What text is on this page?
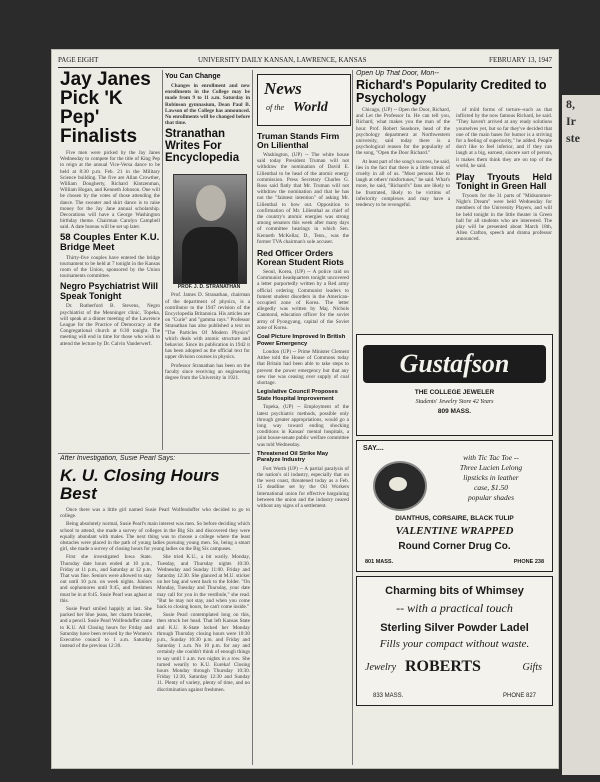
PAGE EIGHT	UNIVERSITY DAILY KANSAN, LAWRENCE, KANSAS	FEBRUARY 13, 1947
Jay Janes Pick 'K Pep' Finalists

Five men were picked by the Jay Janes Wednesday to compete for the title of King Pep to reign at the annual Vice-Versa dance to be held at 8:30 p.m. Feb. 21 in the Military Science building. The five are Allan Crowther, William Dougherty, Richard Kintzenman, William Hogan, and Kenneth Johnson. One will be chosen by the votes of those attending the dance. The sweater and skirt dance is to raise money for the Jay Jane annual scholarship. Decorations will have a George Washington birthday theme. Chairman Carolyn Campbell said. A date bureau will be set up later.

58 Couples Enter K.U. Bridge Meet

Thirty-five couples have entered the bridge tournament to be held at 7 tonight in the Kansas room of the Union, sponsored by the Union tournaments committee.

Negro Psychiatrist Will Speak Tonight

Dr. Rutherford B. Stevens, Negro psychiatrist of the Menninger clinic, Topeka, will speak at a dinner meeting of the Lawrence League for the Practice of Democracy at the Congregational church at 6:30 tonight. The meeting will end in time for those who wish to attend the lecture by Dr. Calvin Vanderwerf.

You Can Change

Changes in enrollment and new enrollments in the College may be made from 9 to 11 a.m. Saturday in Robinson gymnasium, Dean Paul B. Lawson of the College has announced. No enrollments will be changed before that time.

Stranathan Writes For Encyclopedia

Prof. James D. Stranathan, chairman of the department of physics, is a contributor to the 1947 revision of the Encyclopedia Britannica. His articles are on "Curie" and "gamma rays." Professor Stranathan has also published a text on "The Particles Of Modern Physics" which deals with atomic structure and behavior. Since its publication in 1942 it has been adopted as the official text for upper division courses in physics.

Professor Stranathan has been on the faculty since receiving an engineering degree from the University in 1921.

PROF. J. D. STRANATHAN
After Investigation, Susie Pearl Says:
K. U. Closing Hours Best

Once there was a little girl named Susie Pearl Wolfendoffer who decided to go to college.

Being absolutely normal, Susie Pearl's main interest was men. So before deciding which school to attend, she made a survey of colleges in the Big Six and discovered they were equally abundant with males. The next thing was to choose a college where the least obstacles were placed in the path of young ladies pursuing young men. So, being a smart girl, she made a survey of closing hours for young ladies on the Big Six campuses.

First she investigated Iowa State. Thursday date hours ended at 10 p.m., Friday at 11 p.m., and Saturday at 12 p.m. That was fine. Seniors were allowed to stay out until 10 p.m. on week nights. Juniors and sophomores until 9:45, and freshmen must be in at 8:45. Susie Pearl was aghast at this.

Susie Pearl smiled happily at last. She packed her blue jeans, her charm bracelet, and a pencil. Susie Pearl Wolfendoffer came to K.U. All Closing hours for Friday and Saturday have been revised by the Women's Executive council to 1 a.m. Saturday instead of the previous 12:30.

She tried K.U., a bit warily. Monday, Tuesday, and Thursday nights 10:30. Wednesday and Sunday 11:00. Friday and Saturday 12:30. She glanced at M.U. sticker on her bag and went back to the folder. "On Monday, Tuesday and Thursday, your date may call for you in the vestibule," she read. "But he may not stay, and when you come back to closing hours, he can't come inside."

Susie Pearl contemplated long on this, then struck her head. That left Kansas State and K.U. K-State locked her Monday through Thursday closing hours were 10:30 p.m., Sunday 10:30 p.m. and Friday and Saturday 1 a.m. No 10 p.m. for any and certainly she couldn't think of enough things to say until 1 a.m. two nights in a row. She turned wearily to K.U. Eureka! Closing hours Monday through Thursday 10:30. Friday 12:30, Saturday 12:30 and Sunday 11. Plenty of variety, plenty of time, and no discrimination against freshmen.

News
of the World
Truman Stands Firm On Lilienthal

Washington, (UP) -- The white house said today President Truman will not withdraw the nomination of David E. Lilienthal to be head of the atomic energy commission. Press Secretary Charles G. Ross said flatly that Mr. Truman will not withdraw the nomination and that he has not the "faintest intention" of asking Mr. Lilienthal to bow out. Opposition to confirmation of Mr. Lilienthal as chief of the country's atomic energies was strong among senators this week after many days of committee hearings in which Sen. Kenneth McKellar, D., Tenn., was the former TVA chairman's sole accuser.

Red Officer Orders Korean Student Riots

Seoul, Korea, (UP) -- A police raid on Communist headquarters tonight uncovered a letter purportedly written by a Red army official ordering Communist leaders to foment student disorders in the American-occupied zone of Korea. The letter allegedly was written by Maj. Nichols Canmond, education officer for the soviet army of Pyongyang, capital of the Soviet zone of Korea.

Coal Picture Improved In British Power Emergency

London (UP) -- Prime Minister Clement Attlee told the House of Commons today that Britain had been able to take steps to prevent the power emergency but that any new rise was ceasing over supply of coal shortage.

Legislative Council Proposes State Hospital Improvement

Topeka, (UP) -- Employment of the latest psychiatric methods, possible only through greater appropriations, would go a long way toward ending shocking conditions in Kansas' mental hospitals, a joint house-senate public welfare committee was told Wednesday.

Threatened Oil Strike May Paralyze Industry

Fort Worth (UP) -- A partial paralysis of the nation's oil industry, especially that on the west coast, threatened today as a Feb. 15 deadline set by the Oil Workers International union for effective bargaining between the union and the industry neared without any signs of a settlement.

Open Up That Door, Mon--
Richard's Popularity Credited to Psychology

Chicago, (UP) -- Open the Door, Richard, and Let the Professor In. He can tell you, Richard, what makes you the man of the hour. Prof. Robert Seashore, head of the psychology department at Northwestern university, said today there is a psychological reason for the popularity of the song, "Open the Door Richard."

At least part of the song's success, he said, lies in the fact that there is a little streak of cruelty in all of us. "Most persons like to laugh at others' misfortunes," he said. What's more, he said, "Richard's" fans are likely to be frustrated, likely to be victims of inferiority complexes and may have a tendency to be revengeful.

of mild forms of torture--such as that inflicted by the now famous Richard, he said. "They haven't arrived at any ready solutions yourselves yet, but so far they've decided that one of the main bases for humor is a striving for a feeling of superiority," he added. People don't like to feel inferior, and if they can laugh at a big, earnest, sincere sort of person, it makes them think they are on top of the world, he said.

Play Tryouts Held Tonight in Green Hall

Tryouts for the 31 parts of "Midsummer-Night's Dream" were held Wednesday for members of the University Players, and will be held tonight in the little theater in Green hall for all students who are interested. The play will be presented about March 18th, Allen Crafton, speech and drama professor announced.

Gustafson
THE COLLEGE JEWELER
Students' Jewelry Store 42 Years
809 MASS.
SAY....
with Tic Tac Toe --
Three Lucien Lelong
lipsticks in leather
case, $1.50
popular shades
DIANTHUS, CORSAIRE, BLACK TULIP
VALENTINE WRAPPED
Round Corner Drug Co.
801 MASS.	PHONE 238
Charming bits of Whimsey
-- with a practical touch
Sterling Silver Powder Ladel
Fills your compact without waste.
Jewelry ROBERTS	Gifts
833 MASS.	PHONE 827
8,
Ir
ste
